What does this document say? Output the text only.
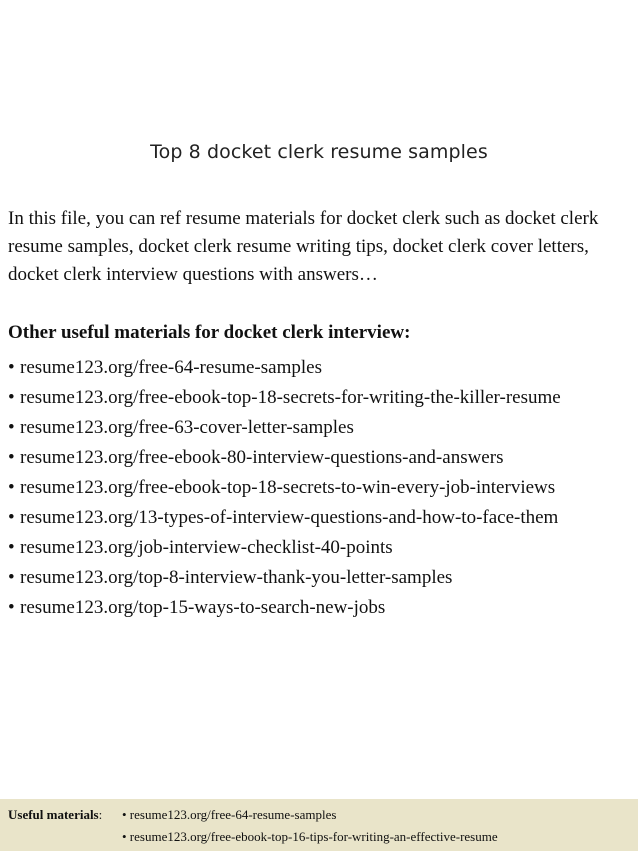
Top 8 docket clerk resume samples
In this file, you can ref resume materials for docket clerk such as docket clerk resume samples, docket clerk resume writing tips, docket clerk cover letters, docket clerk interview questions with answers…
Other useful materials for docket clerk interview:
• resume123.org/free-64-resume-samples
• resume123.org/free-ebook-top-18-secrets-for-writing-the-killer-resume
• resume123.org/free-63-cover-letter-samples
• resume123.org/free-ebook-80-interview-questions-and-answers
• resume123.org/free-ebook-top-18-secrets-to-win-every-job-interviews
• resume123.org/13-types-of-interview-questions-and-how-to-face-them
• resume123.org/job-interview-checklist-40-points
• resume123.org/top-8-interview-thank-you-letter-samples
• resume123.org/top-15-ways-to-search-new-jobs
Useful materials: • resume123.org/free-64-resume-samples
• resume123.org/free-ebook-top-16-tips-for-writing-an-effective-resume
